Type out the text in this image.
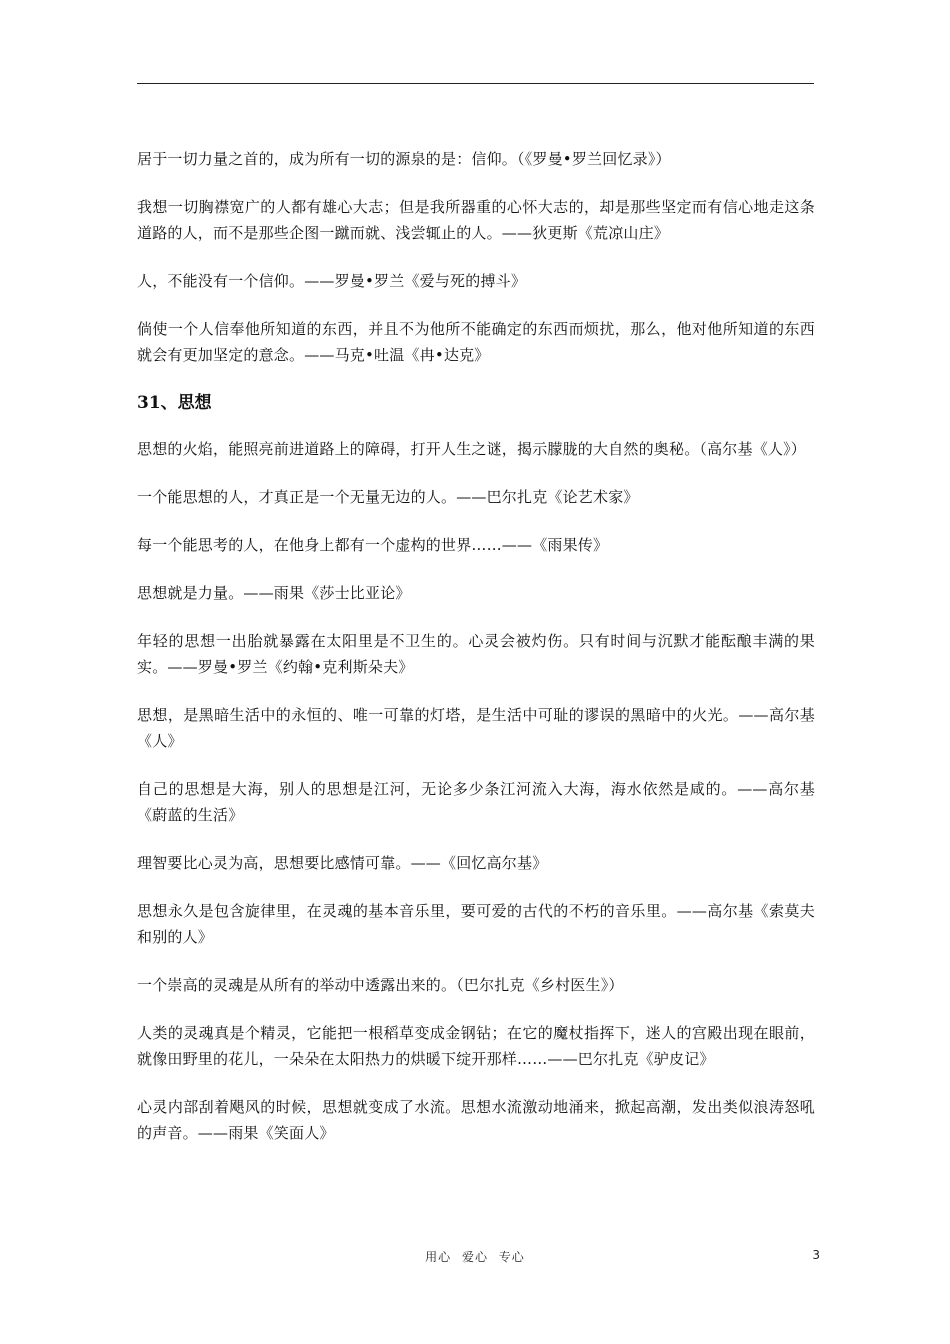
居于一切力量之首的，成为所有一切的源泉的是：信仰。（《罗曼•罗兰回忆录》）

我想一切胸襟宽广的人都有雄心大志；但是我所器重的心怀大志的，却是那些坚定而有信心地走这条道路的人，而不是那些企图一蹴而就、浅尝辄止的人。——狄更斯《荒凉山庄》

人，不能没有一个信仰。——罗曼•罗兰《爱与死的搏斗》

倘使一个人信奉他所知道的东西，并且不为他所不能确定的东西而烦扰，那么，他对他所知道的东西就会有更加坚定的意念。——马克•吐温《冉•达克》

31、思想

思想的火焰，能照亮前进道路上的障碍，打开人生之谜，揭示朦胧的大自然的奥秘。（高尔基《人》）

一个能思想的人，才真正是一个无量无边的人。——巴尔扎克《论艺术家》

每一个能思考的人，在他身上都有一个虚构的世界……——《雨果传》

思想就是力量。——雨果《莎士比亚论》

年轻的思想一出胎就暴露在太阳里是不卫生的。心灵会被灼伤。只有时间与沉默才能酝酿丰满的果实。——罗曼•罗兰《约翰•克利斯朵夫》

思想，是黑暗生活中的永恒的、唯一可靠的灯塔，是生活中可耻的谬误的黑暗中的火光。——高尔基《人》

自己的思想是大海，别人的思想是江河，无论多少条江河流入大海，海水依然是咸的。——高尔基《蔚蓝的生活》

理智要比心灵为高，思想要比感情可靠。——《回忆高尔基》

思想永久是包含旋律里，在灵魂的基本音乐里，要可爱的古代的不朽的音乐里。——高尔基《索莫夫和别的人》

一个崇高的灵魂是从所有的举动中透露出来的。（巴尔扎克《乡村医生》）

人类的灵魂真是个精灵，它能把一根稻草变成金钢钻；在它的魔杖指挥下，迷人的宫殿出现在眼前，就像田野里的花儿，一朵朵在太阳热力的烘暖下绽开那样……——巴尔扎克《驴皮记》

心灵内部刮着飓风的时候，思想就变成了水流。思想水流激动地涌来，掀起高潮，发出类似浪涛怒吼的声音。——雨果《笑面人》

用心 爱心 专心	3
